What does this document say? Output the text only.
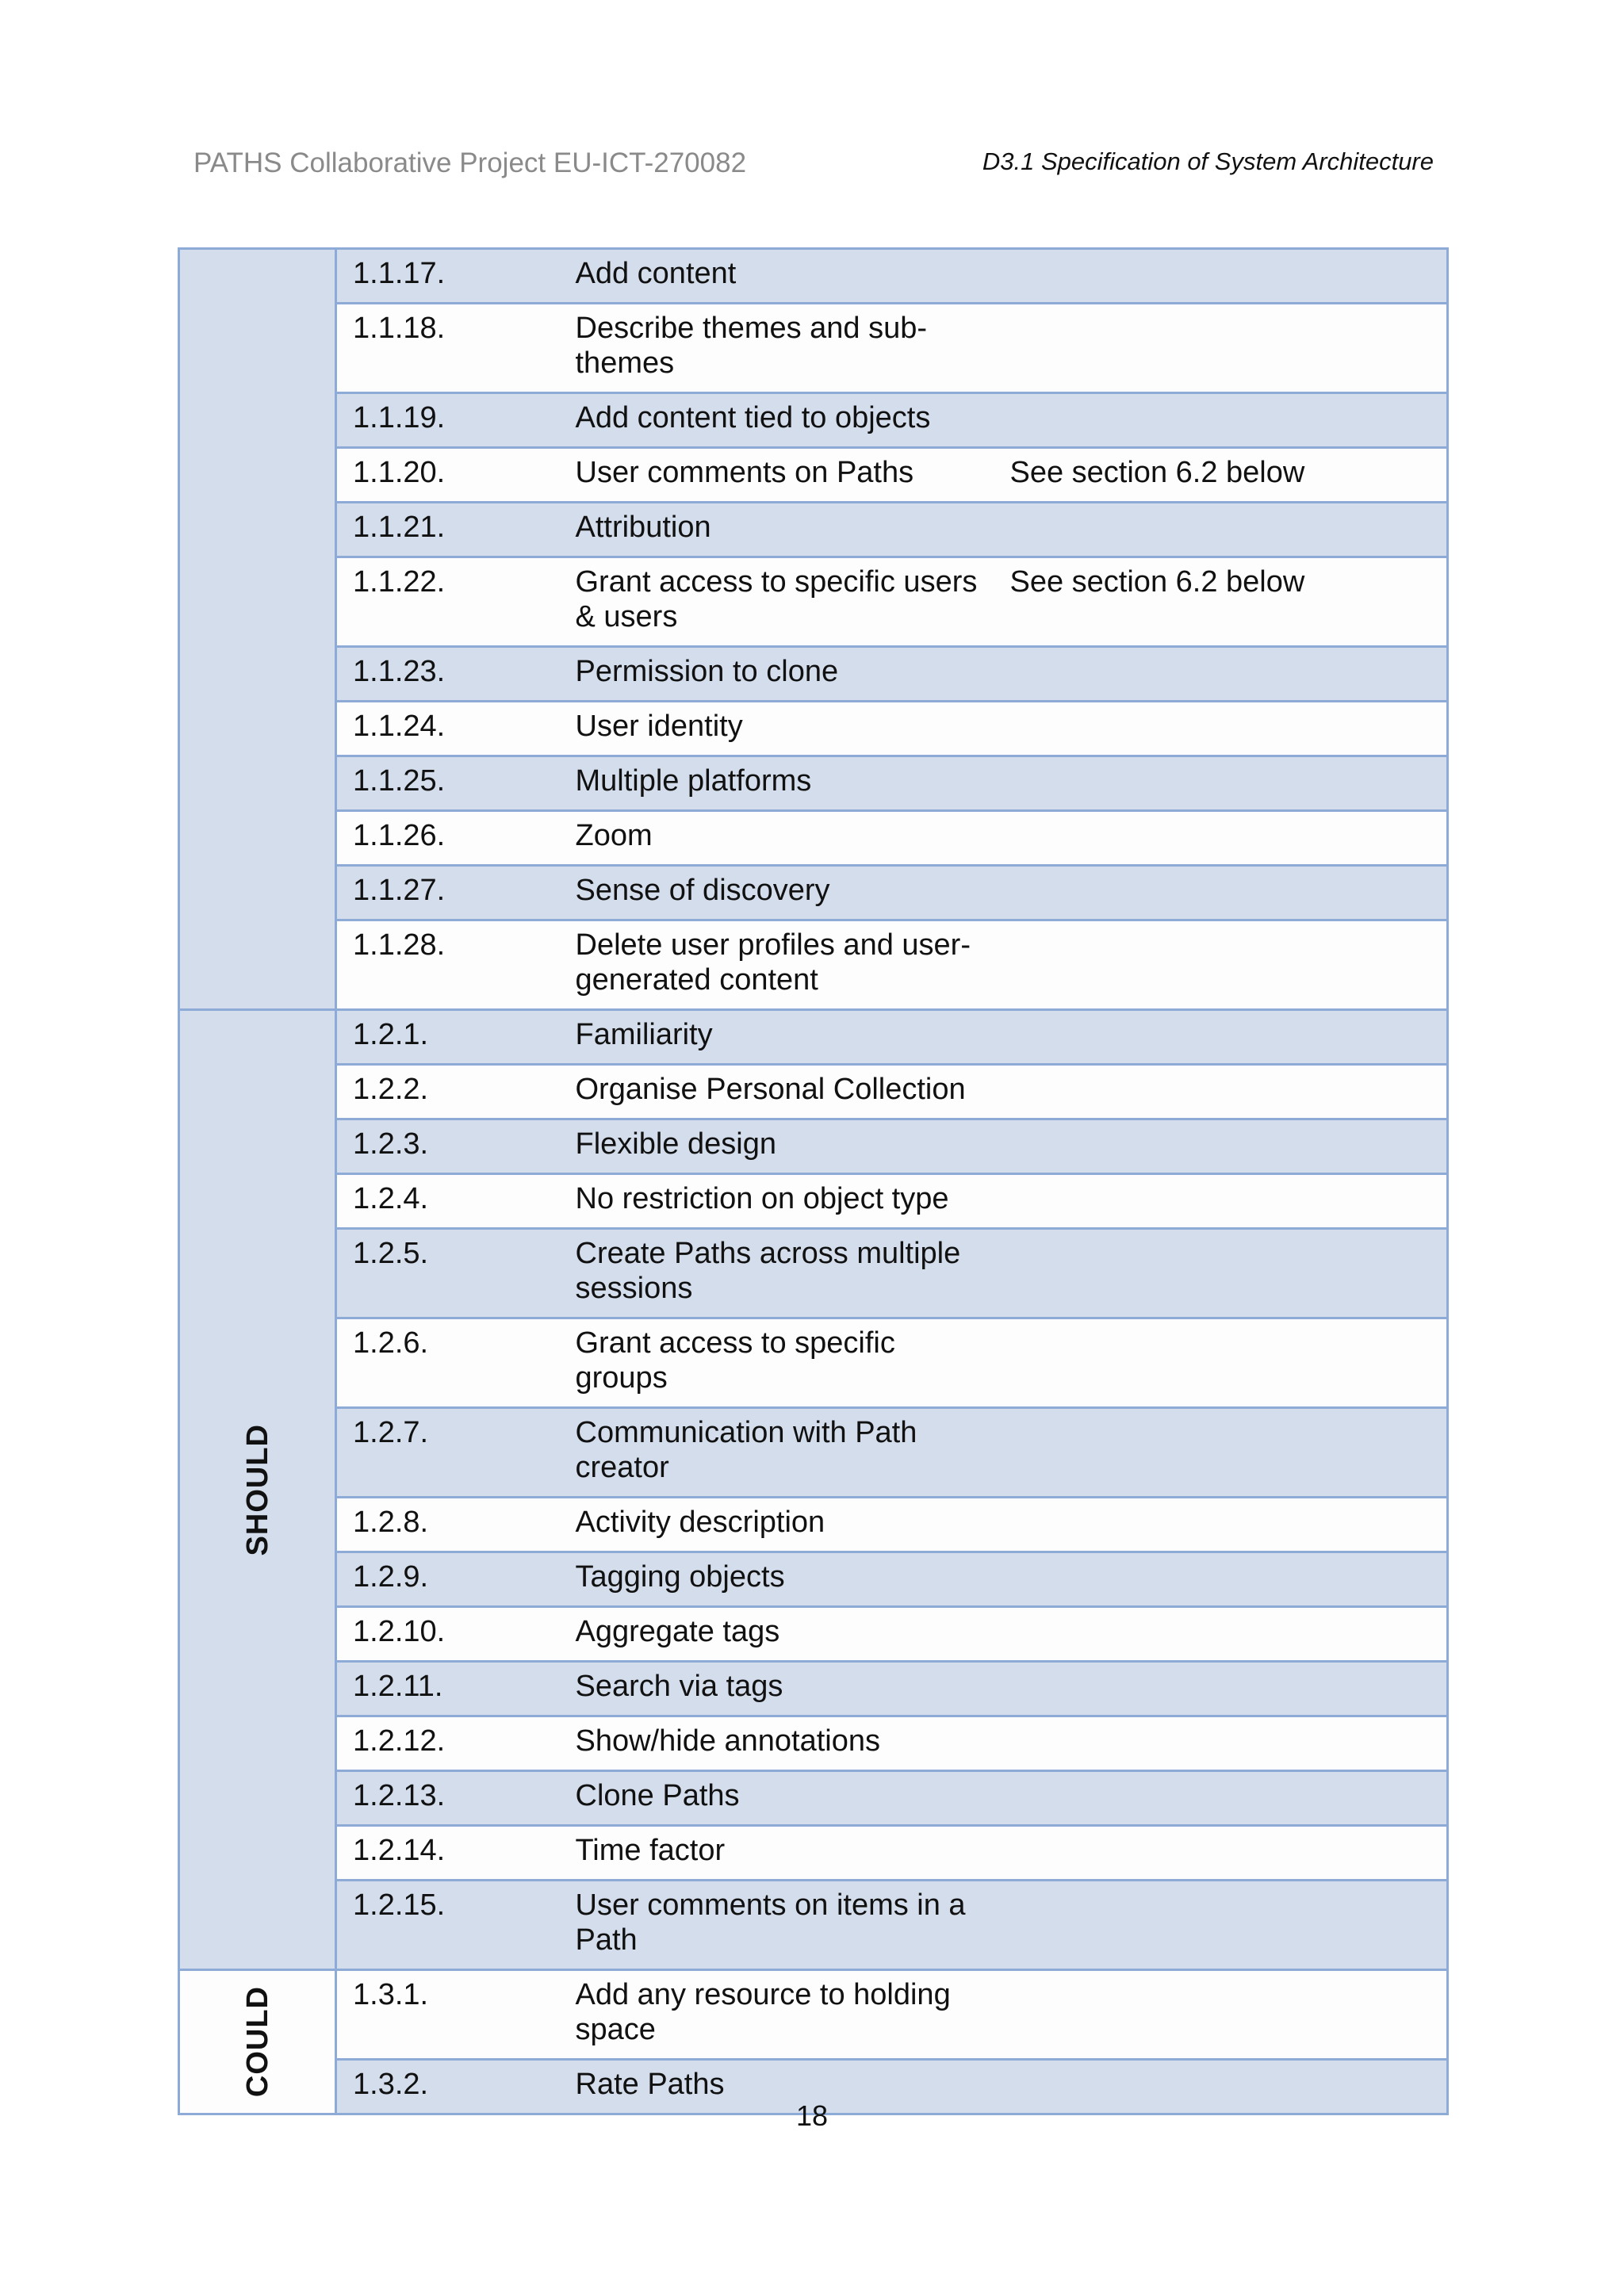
PATHS Collaborative Project EU-ICT-270082	D3.1 Specification of System Architecture
	1.1.17.	Add content	
	1.1.18.	Describe themes and sub-themes	
	1.1.19.	Add content tied to objects	
	1.1.20.	User comments on Paths	See section 6.2 below
	1.1.21.	Attribution	
	1.1.22.	Grant access to specific users & users	See section 6.2 below
	1.1.23.	Permission to clone	
	1.1.24.	User identity	
	1.1.25.	Multiple platforms	
	1.1.26.	Zoom	
	1.1.27.	Sense of discovery	
	1.1.28.	Delete user profiles and user-generated content	

SHOULD	1.2.1.	Familiarity	
	1.2.2.	Organise Personal Collection	
	1.2.3.	Flexible design	
	1.2.4.	No restriction on object type	
	1.2.5.	Create Paths across multiple sessions	
	1.2.6.	Grant access to specific groups	
	1.2.7.	Communication with Path creator	
	1.2.8.	Activity description	
	1.2.9.	Tagging objects	
	1.2.10.	Aggregate tags	
	1.2.11.	Search via tags	
	1.2.12.	Show/hide annotations	
	1.2.13.	Clone Paths	
	1.2.14.	Time factor	
	1.2.15.	User comments on items in a Path	

COULD	1.3.1.	Add any resource to holding space	
	1.3.2.	Rate Paths	
18
